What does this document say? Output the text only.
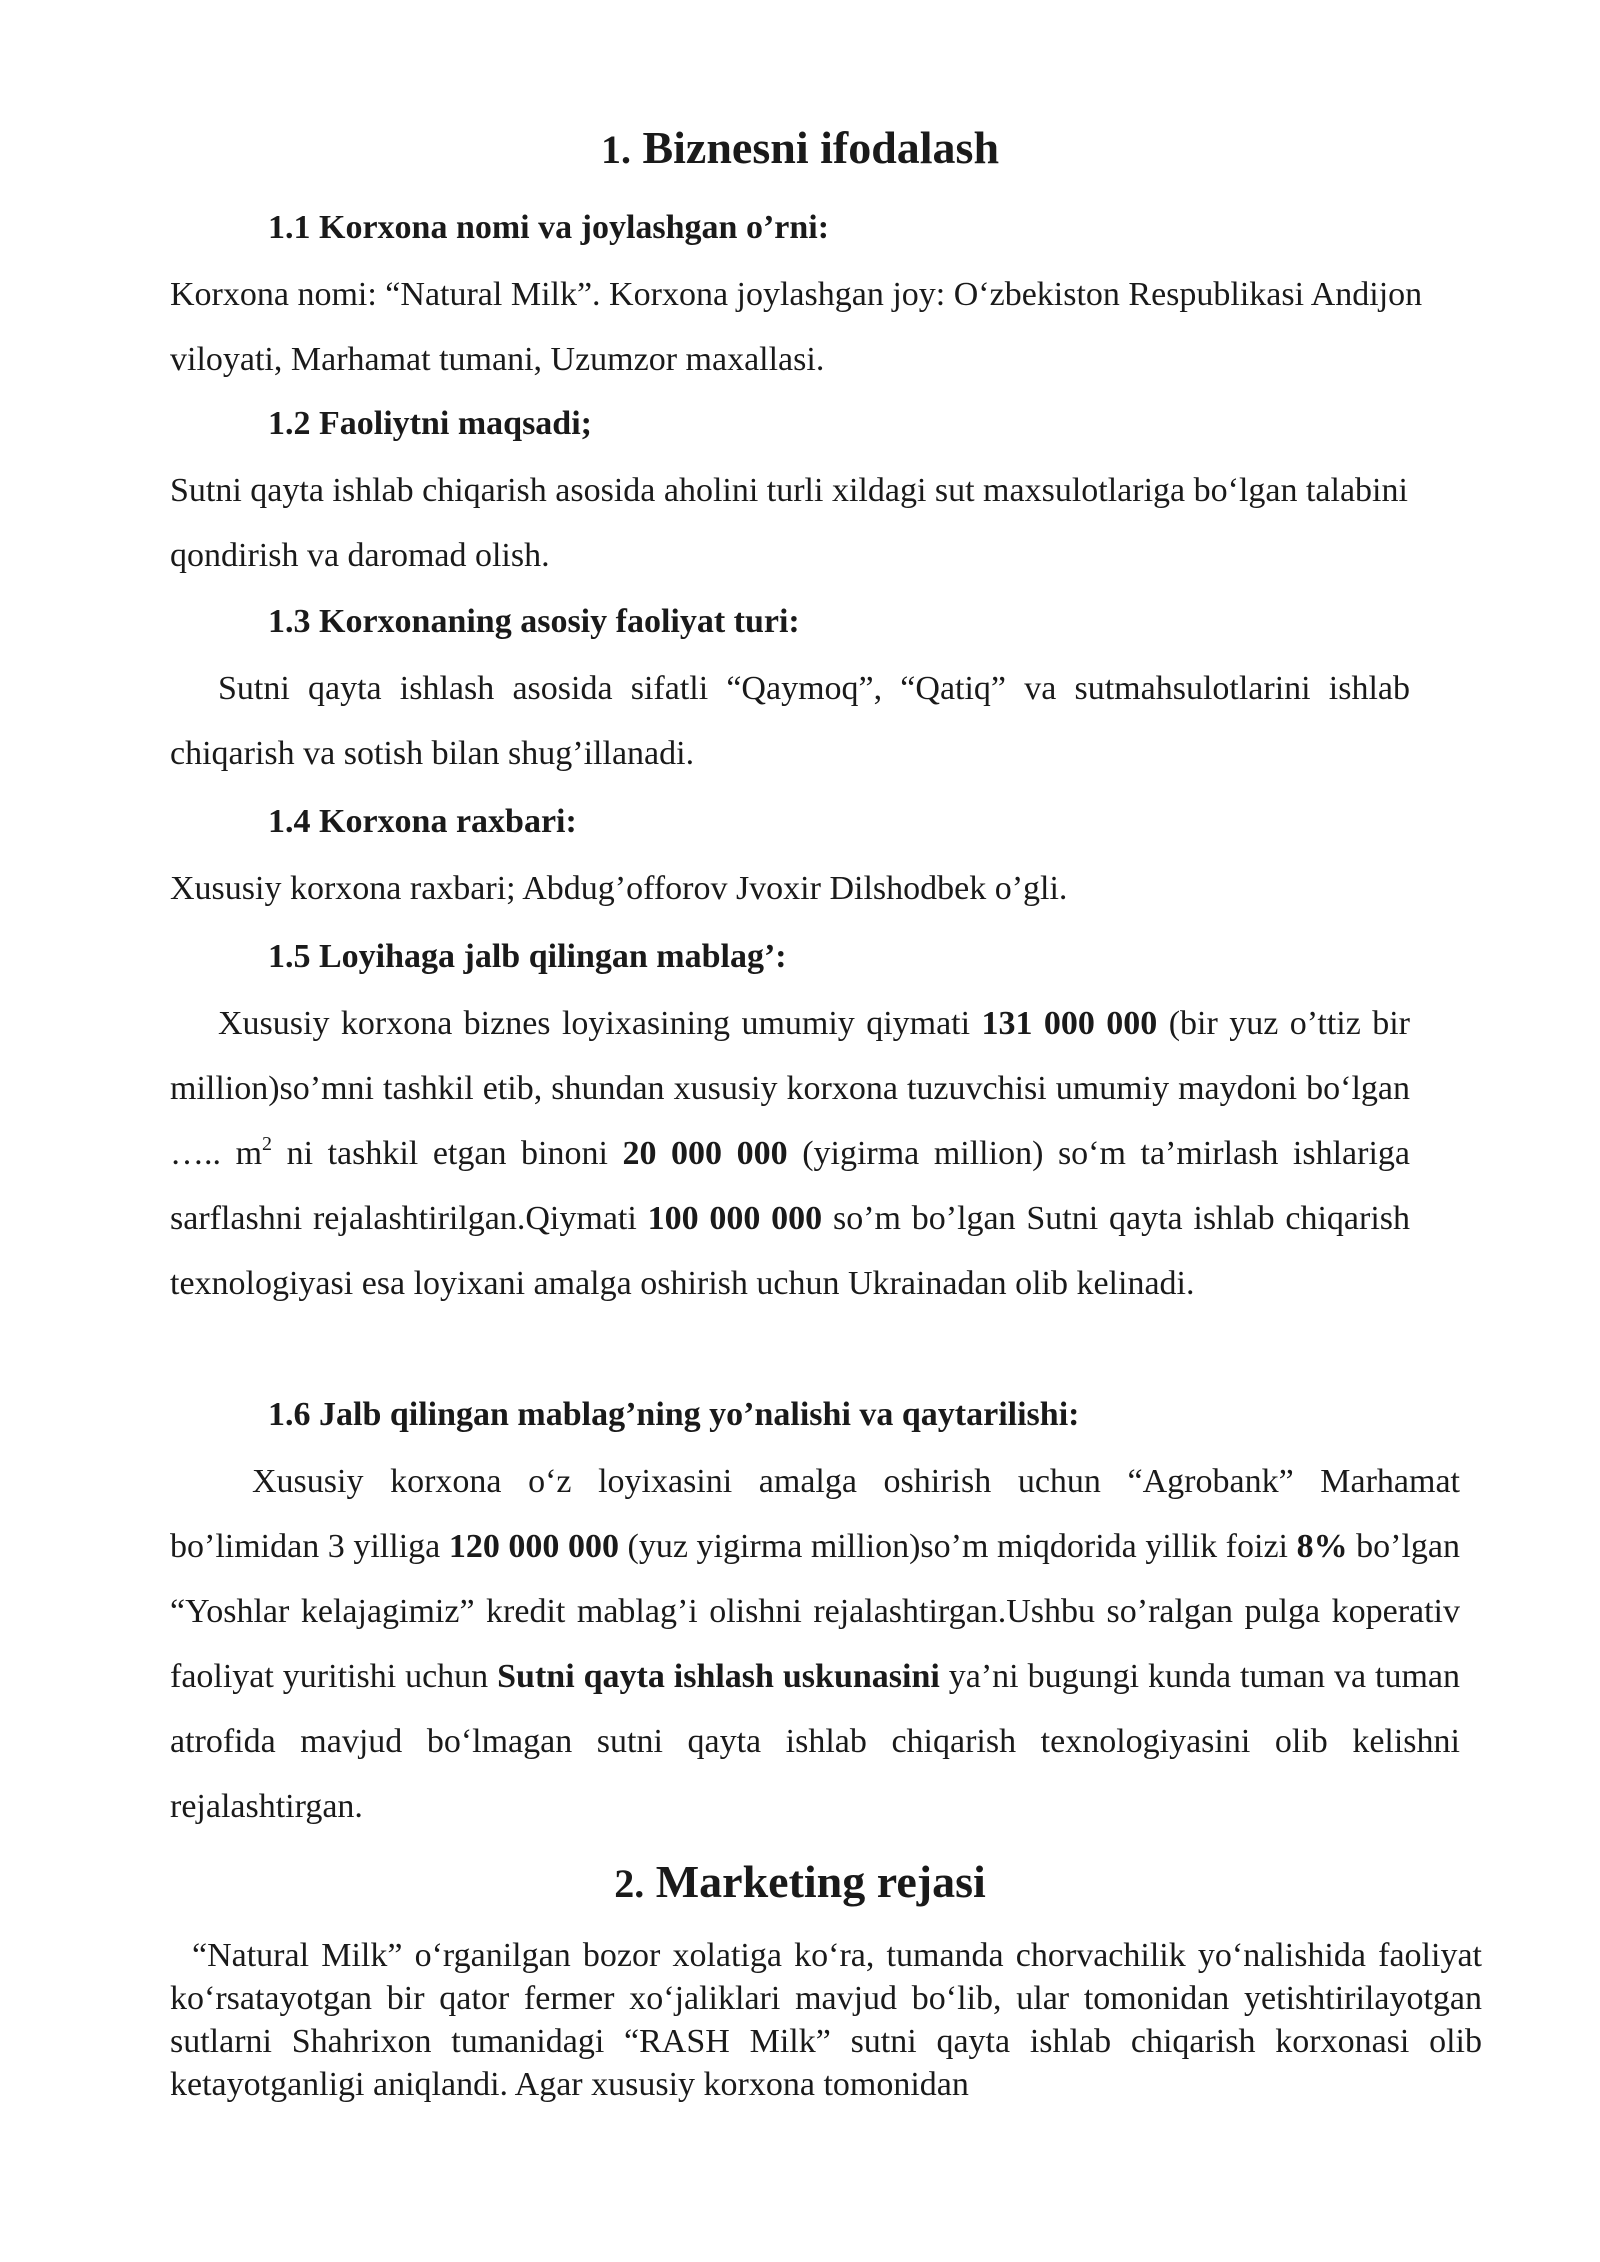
1. Biznesni ifodalash
1.1 Korxona nomi va joylashgan o’rni:

Korxona nomi: “Natural Milk”. Korxona joylashgan joy: O‘zbekiston Respublikasi Andijon viloyati, Marhamat tumani, Uzumzor maxallasi.

1.2 Faoliytni maqsadi;

Sutni qayta ishlab chiqarish asosida aholini turli xildagi sut maxsulotlariga bo‘lgan talabini qondirish va daromad olish.

1.3 Korxonaning asosiy faoliyat turi:

Sutni qayta ishlash asosida sifatli “Qaymoq”, “Qatiq” va sutmahsulotlarini ishlab chiqarish va sotish bilan shug’illanadi.

1.4 Korxona raxbari:

Xususiy korxona raxbari; Abdug’offorov Jvoxir Dilshodbek o’gli.

1.5 Loyihaga jalb qilingan mablag’:

Xususiy korxona biznes loyixasining umumiy qiymati 131 000 000 (bir yuz o’ttiz bir million)so’mni tashkil etib, shundan xususiy korxona tuzuvchisi umumiy maydoni bo‘lgan ….. $m^2$ ni tashkil etgan binoni 20 000 000 (yigirma million) so‘m ta’mirlash ishlariga sarflashni rejalashtirilgan.Qiymati 100 000 000 so’m bo’lgan Sutni qayta ishlab chiqarish texnologiyasi esa loyixani amalga oshirish uchun Ukrainadan olib kelinadi.

1.6 Jalb qilingan mablag’ning yo’nalishi va qaytarilishi:

Xususiy korxona o‘z loyixasini amalga oshirish uchun “Agrobank” Marhamat bo’limidan 3 yilliga 120 000 000 (yuz yigirma million)so’m miqdorida yillik foizi 8% bo’lgan “Yoshlar kelajagimiz” kredit mablag’i olishni rejalashtirgan.Ushbu so’ralgan pulga koperativ faoliyat yuritishi uchun Sutni qayta ishlash uskunasini ya’ni bugungi kunda tuman va tuman atrofida mavjud bo‘lmagan sutni qayta ishlab chiqarish texnologiyasini olib kelishni rejalashtirgan.

2. Marketing rejasi

“Natural Milk” o‘rganilgan bozor xolatiga ko‘ra, tumanda chorvachilik yo‘nalishida faoliyat ko‘rsatayotgan bir qator fermer xo‘jaliklari mavjud bo‘lib, ular tomonidan yetishtirilayotgan sutlarni Shahrixon tumanidagi “RASH Milk” sutni qayta ishlab chiqarish korxonasi olib ketayotganligi aniqlandi. Agar xususiy korxona tomonidan
